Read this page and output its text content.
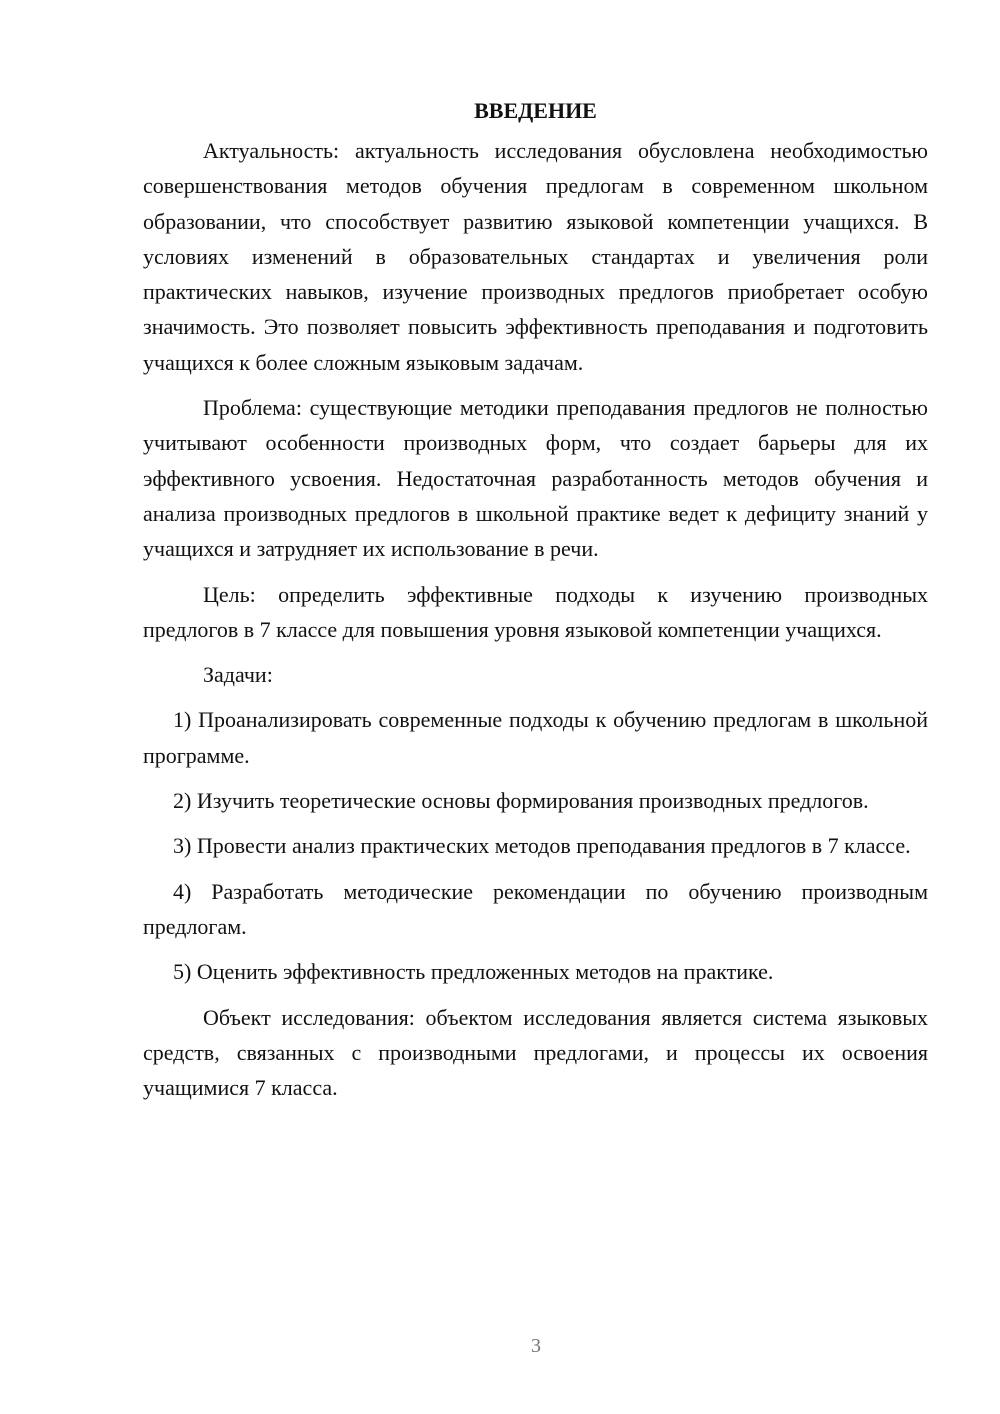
ВВЕДЕНИЕ

Актуальность: актуальность исследования обусловлена необходимостью совершенствования методов обучения предлогам в современном школьном образовании, что способствует развитию языковой компетенции учащихся. В условиях изменений в образовательных стандартах и увеличения роли практических навыков, изучение производных предлогов приобретает особую значимость. Это позволяет повысить эффективность преподавания и подготовить учащихся к более сложным языковым задачам.

Проблема: существующие методики преподавания предлогов не полностью учитывают особенности производных форм, что создает барьеры для их эффективного усвоения. Недостаточная разработанность методов обучения и анализа производных предлогов в школьной практике ведет к дефициту знаний у учащихся и затрудняет их использование в речи.

Цель: определить эффективные подходы к изучению производных предлогов в 7 классе для повышения уровня языковой компетенции учащихся.

Задачи:

1) Проанализировать современные подходы к обучению предлогам в школьной программе.

2) Изучить теоретические основы формирования производных предлогов.

3) Провести анализ практических методов преподавания предлогов в 7 классе.

4) Разработать методические рекомендации по обучению производным предлогам.

5) Оценить эффективность предложенных методов на практике.

Объект исследования: объектом исследования является система языковых средств, связанных с производными предлогами, и процессы их освоения учащимися 7 класса.

3
